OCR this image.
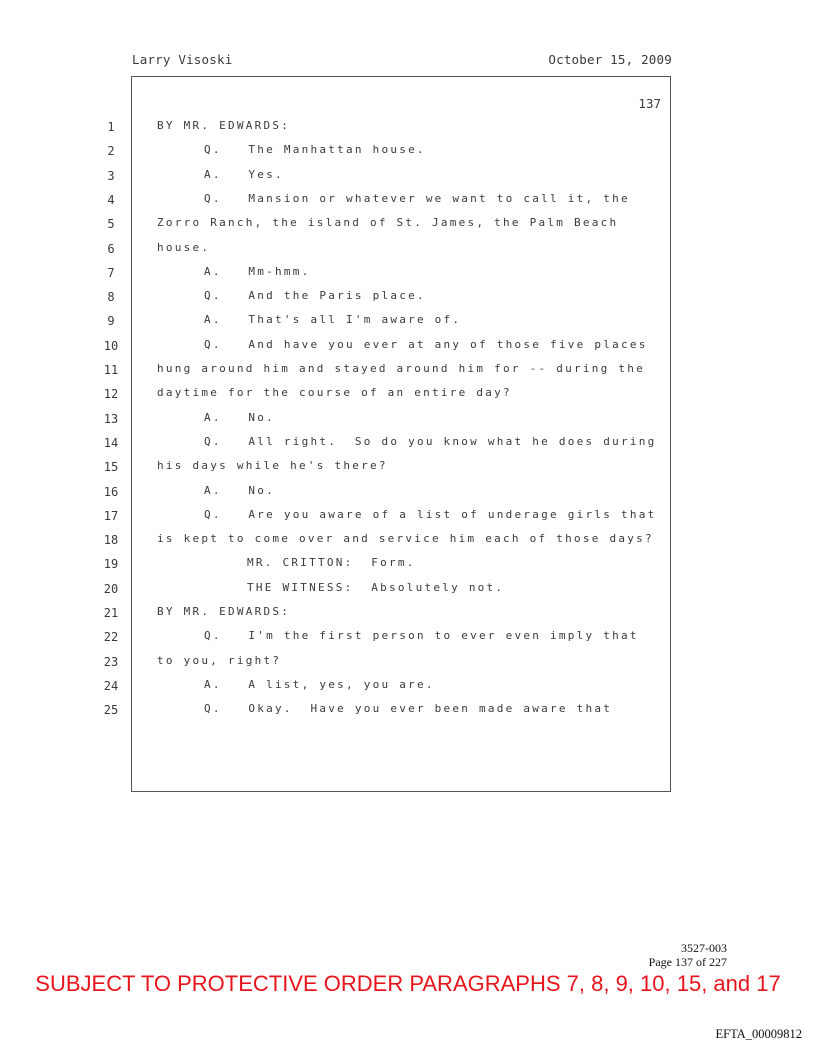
Larry Visoski	October 15, 2009
137
1	BY MR. EDWARDS:
2	Q.   The Manhattan house.
3	A.   Yes.
4	Q.   Mansion or whatever we want to call it, the
5	Zorro Ranch, the island of St. James, the Palm Beach
6	house.
7	A.   Mm-hmm.
8	Q.   And the Paris place.
9	A.   That's all I'm aware of.
10	Q.   And have you ever at any of those five places
11	hung around him and stayed around him for -- during the
12	daytime for the course of an entire day?
13	A.   No.
14	Q.   All right.  So do you know what he does during
15	his days while he's there?
16	A.   No.
17	Q.   Are you aware of a list of underage girls that
18	is kept to come over and service him each of those days?
19	MR. CRITTON:  Form.
20	THE WITNESS:  Absolutely not.
21	BY MR. EDWARDS:
22	Q.   I'm the first person to ever even imply that
23	to you, right?
24	A.   A list, yes, you are.
25	Q.   Okay.  Have you ever been made aware that
3527-003
Page 137 of 227
SUBJECT TO PROTECTIVE ORDER PARAGRAPHS 7, 8, 9, 10, 15, and 17
EFTA_00009812
